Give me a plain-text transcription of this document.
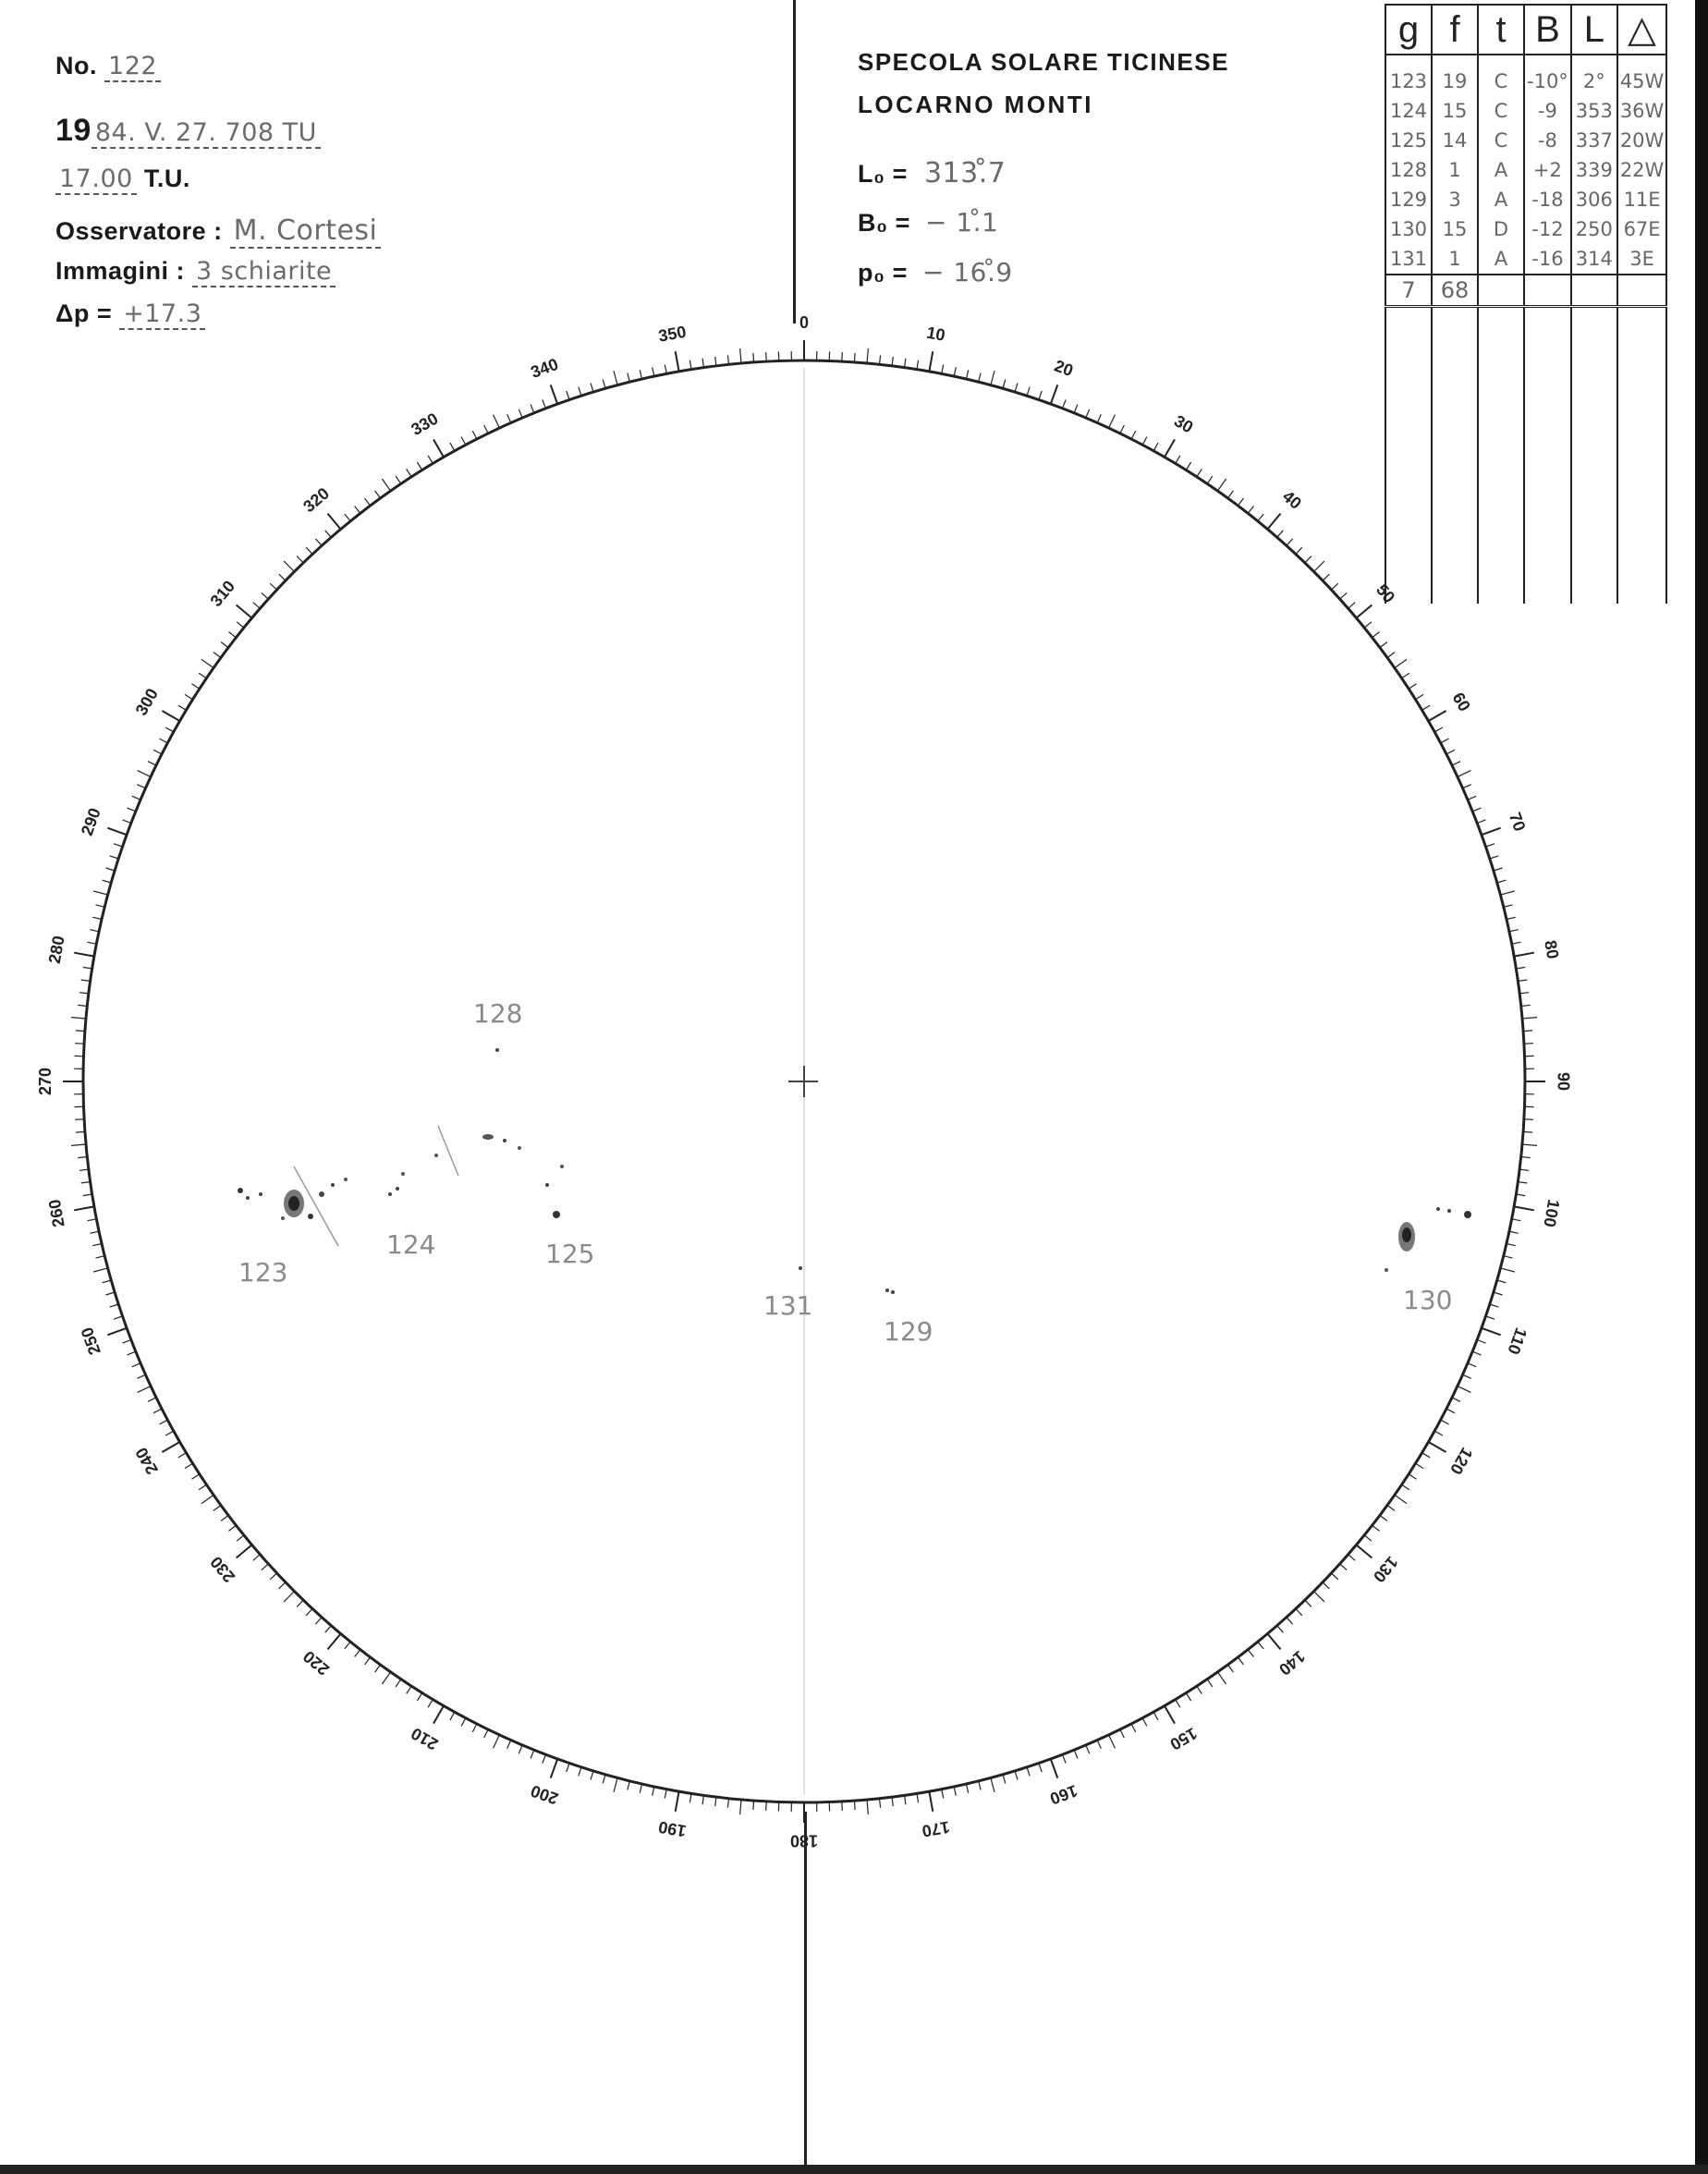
No. 122
19 84. V. 27. 708 TU
17.00 T.U.
Osservatore : M. Cortesi
Immagini : 3 schiarite
Δp = +17.3
SPECOLA SOLARE TICINESE
LOCARNO MONTI
L₀ = 313.̊7
B₀ = − 1.̊1
p₀ = − 16.̊9
g	f	t	B	L	△
123	19	C	-10°	2°	45W
124	15	C	-9	353	36W
125	14	C	-8	337	20W
128	1	A	+2	339	22W
129	3	A	-18	306	11E
130	15	D	-12	250	67E
131	1	A	-16	314	3E
7	68				

0
10
20
30
40
50
60
70
80
90
100
110
120
130
140
150
160
170
180
190
200
210
220
230
240
250
260
270
280
290
300
310
320
330
340
350
123
124	125
128
129
130
131
